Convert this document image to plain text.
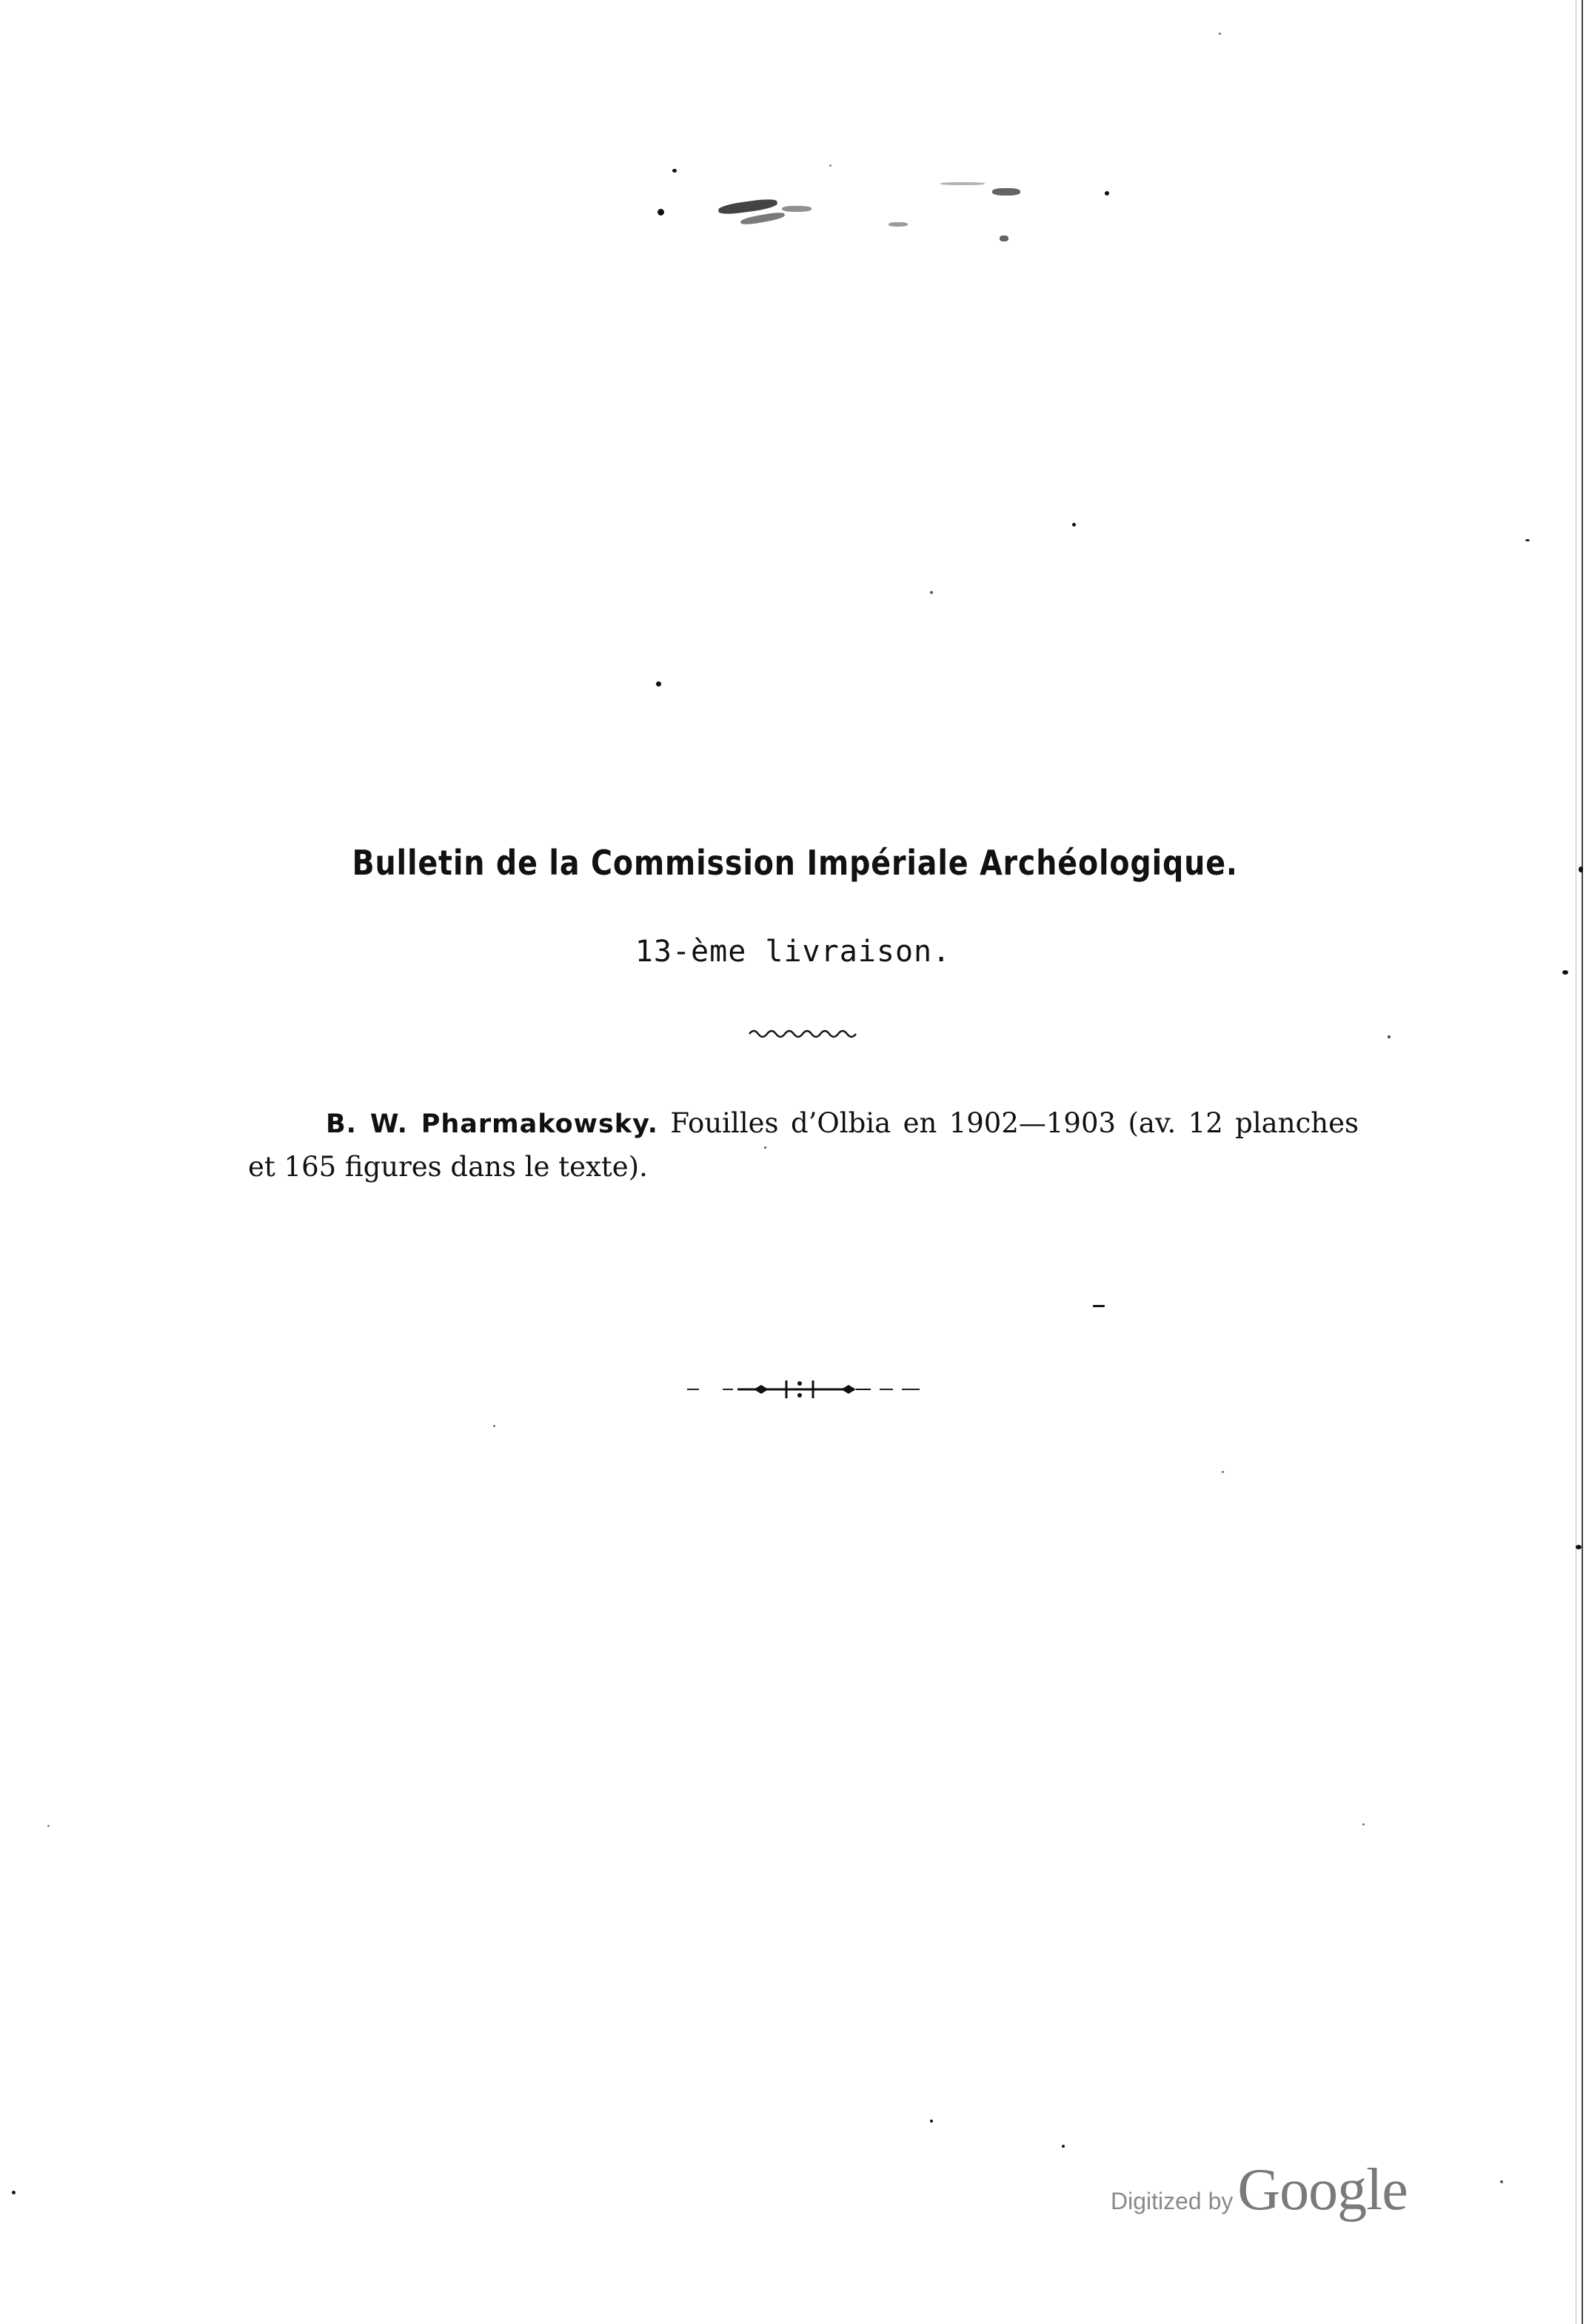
Bulletin de la Commission Impériale Archéologique.
13-ème livraison.
B. W. Pharmakowsky. Fouilles d’Olbia en 1902—1903 (av. 12 planches et 165 figures dans le texte).
Digitized byGoogle
